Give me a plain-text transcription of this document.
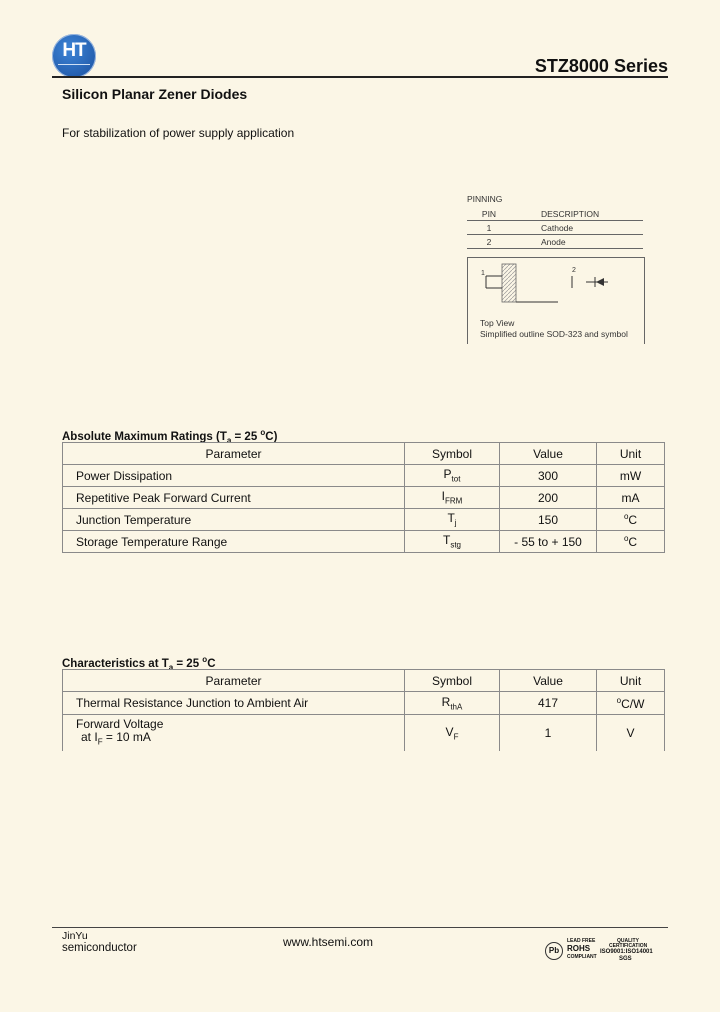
HT
STZ8000 Series
Silicon Planar Zener Diodes
For stabilization of power supply application
PINNING
PIN	DESCRIPTION
1	Cathode
2	Anode
1	2
Top View
Simplified outline SOD-323 and symbol
Absolute Maximum Ratings ($T_a = 25$ $^o$C)
Parameter	Symbol	Value	Unit
Power Dissipation	$P_{tot}$	300	mW
Repetitive Peak Forward Current	$I_{FRM}$	200	mA
Junction Temperature	$T_j$	150	$^o$C
Storage Temperature Range	$T_{stg}$	- 55 to + 150	$^o$C
Characteristics at $T_a = 25$ $^o$C
Parameter	Symbol	Value	Unit
Thermal Resistance Junction to Ambient Air	$R_{thA}$	417	$^o$C/W

Forward Voltage
at $I_F = 10$ mA	$V_F$	1	V
JinYu
semiconductor	www.htsemi.com
Pb
LEAD FREE
ROHS
COMPLIANT
QUALITY
CERTIFICATION
ISO9001:ISO14001
SGS
